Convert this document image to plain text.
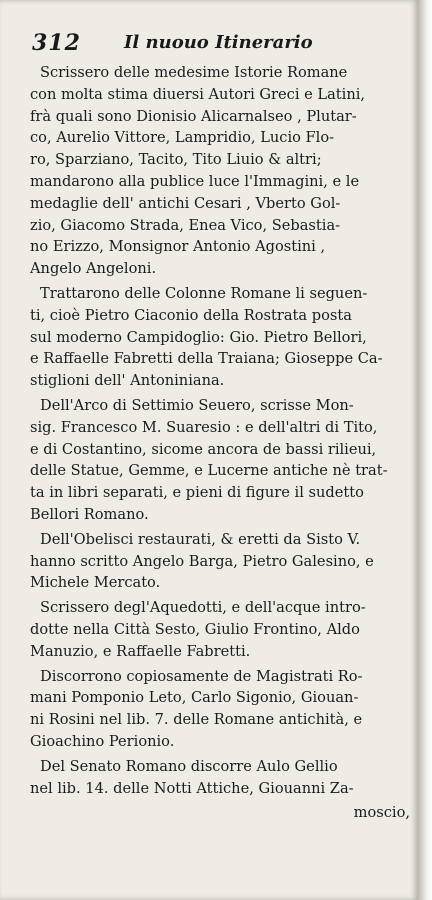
312 Il nuouo Itinerario
Scrissero delle medesime Istorie Romane
con molta stima diuersi Autori Greci e Latini,
frà quali sono Dionisio Alicarnalseo , Plutar-
co, Aurelio Vittore, Lampridio, Lucio Flo-
ro, Sparziano, Tacito, Tito Liuio & altri;
mandarono alla publice luce l'Immagini, e le
medaglie dell' antichi Cesari , Vberto Gol-
zio, Giacomo Strada, Enea Vico, Sebastia-
no Erizzo, Monsignor Antonio Agostini ,
Angelo Angeloni.
Trattarono delle Colonne Romane li seguen-
ti, cioè Pietro Ciaconio della Rostrata posta
sul moderno Campidoglio: Gio. Pietro Bellori,
e Raffaelle Fabretti della Traiana; Gioseppe Ca-
stiglioni dell' Antoniniana.
Dell'Arco di Settimio Seuero, scrisse Mon-
sig. Francesco M. Suaresio : e dell'altri di Tito,
e di Costantino, sicome ancora de bassi rilieui,
delle Statue, Gemme, e Lucerne antiche nè trat-
ta in libri separati, e pieni di figure il sudetto
Bellori Romano.
Dell'Obelisci restaurati, & eretti da Sisto V.
hanno scritto Angelo Barga, Pietro Galesino, e
Michele Mercato.
Scrissero degl'Aquedotti, e dell'acque intro-
dotte nella Città Sesto, Giulio Frontino, Aldo
Manuzio, e Raffaelle Fabretti.
Discorrono copiosamente de Magistrati Ro-
mani Pomponio Leto, Carlo Sigonio, Giouan-
ni Rosini nel lib. 7. delle Romane antichità, e
Gioachino Perionio.
Del Senato Romano discorre Aulo Gellio
nel lib. 14. delle Notti Attiche, Giouanni Za-
moscio,
